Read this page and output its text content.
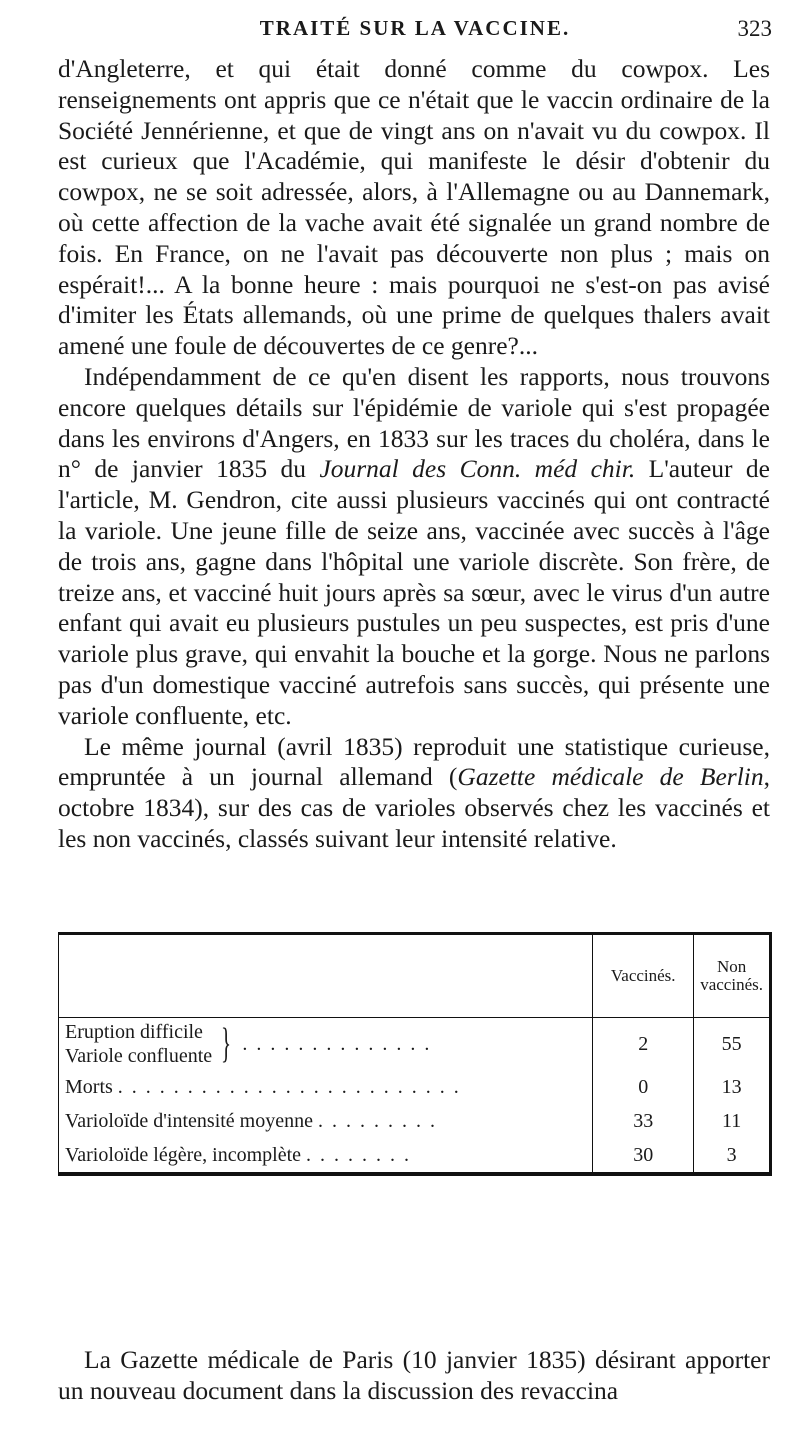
TRAITÉ SUR LA VACCINE.	323

d'Angleterre, et qui était donné comme du cowpox. Les renseignements ont appris que ce n'était que le vaccin ordinaire de la Société Jennérienne, et que de vingt ans on n'avait vu du cowpox. Il est curieux que l'Académie, qui manifeste le désir d'obtenir du cowpox, ne se soit adressée, alors, à l'Allemagne ou au Dannemark, où cette affection de la vache avait été signalée un grand nombre de fois. En France, on ne l'avait pas découverte non plus ; mais on espérait!... A la bonne heure : mais pourquoi ne s'est-on pas avisé d'imiter les États allemands, où une prime de quelques thalers avait amené une foule de découvertes de ce genre?...

Indépendamment de ce qu'en disent les rapports, nous trouvons encore quelques détails sur l'épidémie de variole qui s'est propagée dans les environs d'Angers, en 1833 sur les traces du choléra, dans le n° de janvier 1835 du Journal des Conn. méd chir. L'auteur de l'article, M. Gendron, cite aussi plusieurs vaccinés qui ont contracté la variole. Une jeune fille de seize ans, vaccinée avec succès à l'âge de trois ans, gagne dans l'hôpital une variole discrète. Son frère, de treize ans, et vacciné huit jours après sa sœur, avec le virus d'un autre enfant qui avait eu plusieurs pustules un peu suspectes, est pris d'une variole plus grave, qui envahit la bouche et la gorge. Nous ne parlons pas d'un domestique vacciné autrefois sans succès, qui présente une variole confluente, etc.

Le même journal (avril 1835) reproduit une statistique curieuse, empruntée à un journal allemand (Gazette médicale de Berlin, octobre 1834), sur des cas de varioles observés chez les vaccinés et les non vaccinés, classés suivant leur intensité relative.

	Vaccinés.	Non vaccinés.

Eruption difficile
Variole confluente } . . . . . . . . . . . . . .	2	55
Morts . . . . . . . . . . . . . . . . . . . . . . . . .	0	13
Varioloïde d'intensité moyenne . . . . . . . . .	33	11
Varioloïde légère, incomplète . . . . . . . .	30	3

La Gazette médicale de Paris (10 janvier 1835) désirant apporter un nouveau document dans la discussion des revaccina
